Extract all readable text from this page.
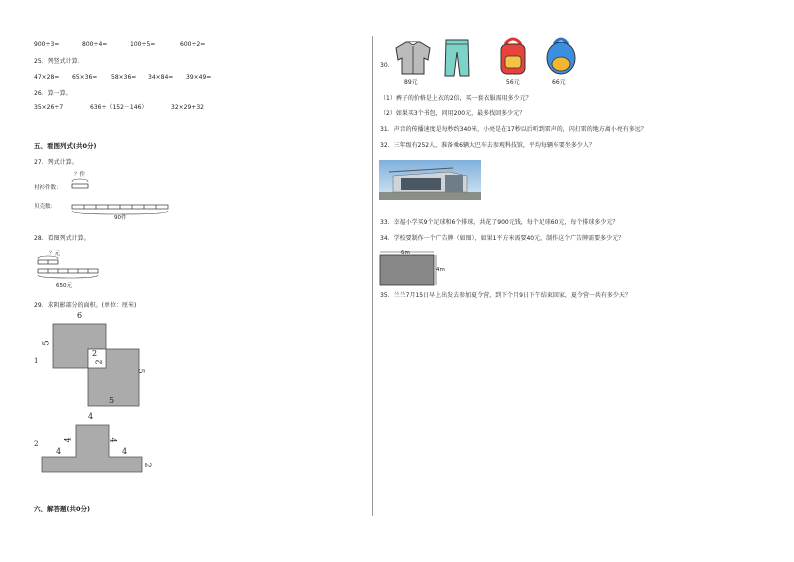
900÷3=	800÷4=	100÷5=	600÷2=
25．列竖式计算．
47×28= 65×36= 58×36= 34×84= 39×49=
26．算一算。
35×26÷7	636÷（152－146）	32×29+32
五、看图列式(共0分)
27．列式计算。
？件
衬衫件数：
贝壳数：
90件
28．看图列式计算。
？元
650元
29．求阴影部分的面积。(单位：厘米)
1
6
5
2
2
5
5
2
4
4	4
4	4
2
六、解答题(共0分)
30．
89元	56元	66元
（1）裤子的价格是上衣的2倍，买一套衣服需用多少元？
（2）如果买3个书包，问用200元，最多找回多少元？
31．声音的传播速度是每秒约340米，小亮是在17秒以后听到雷声的，闪打雷的地方离小亮有多远？
32．三年级有252人，准备乘6辆大巴车去参观科技馆，平均每辆车要坐多少人？
33．幸福小学买9个足球和6个排球，共花了900元钱，每个足球60元，每个排球多少元？
34．学校要制作一个广告牌（如图），如果1平方米需要40元，制作这个广告牌需要多少元？
6m
4m
35．兰兰7月15日早上出发去参加夏令营，到下个月9日下午结束回家，夏令营一共有多少天？
